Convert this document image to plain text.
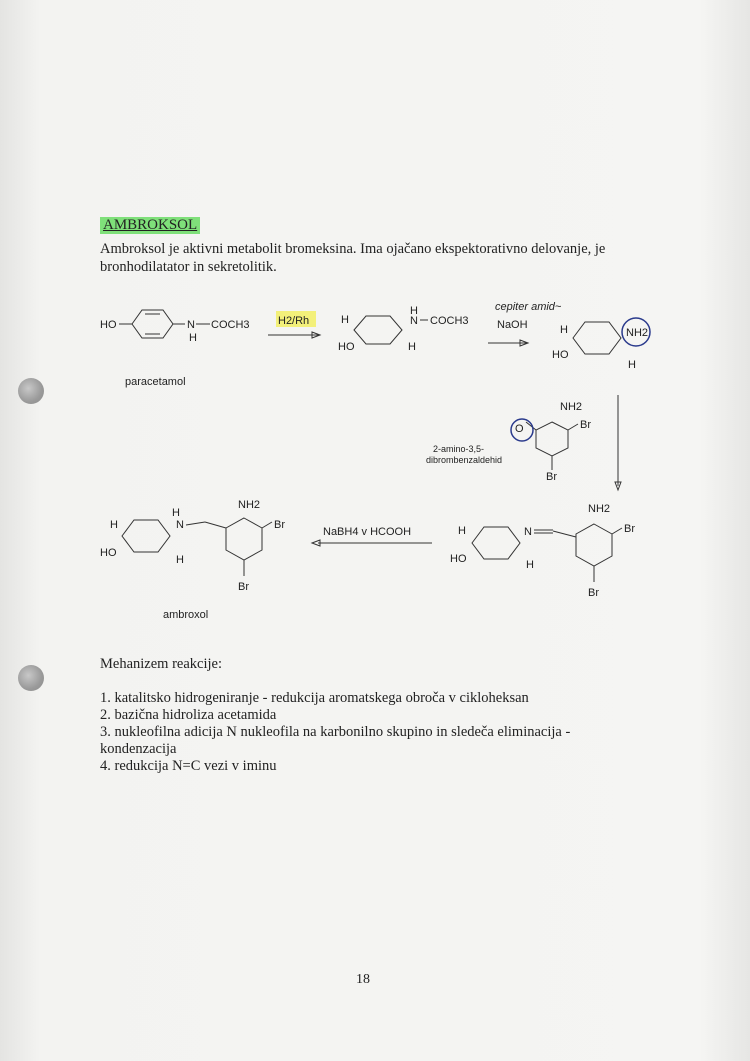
AMBROKSOL
Ambroksol je aktivni metabolit bromeksina. Ima ojačano ekspektorativno delovanje, je bronhodilatator in sekretolitik.
HO	N
H
COCH3
paracetamol
H2/Rh	H
HO
H
N COCH3
H
cepiter amid~
NaOH	H
HO
NH2
H
NH2
Br
Br
O
2-amino-3,5-
dibrombenzaldehid
H
HO
H
N
H
NH2
Br
Br
ambroxol
NaBH4 v HCOOH	H
HO	H
N
NH2
Br
Br
Mehanizem reakcije:
1. katalitsko hidrogeniranje - redukcija aromatskega obroča v cikloheksan
2. bazična hidroliza acetamida
3. nukleofilna adicija N nukleofila na karbonilno skupino in sledeča eliminacija - kondenzacija
4. redukcija N=C vezi v iminu
18
